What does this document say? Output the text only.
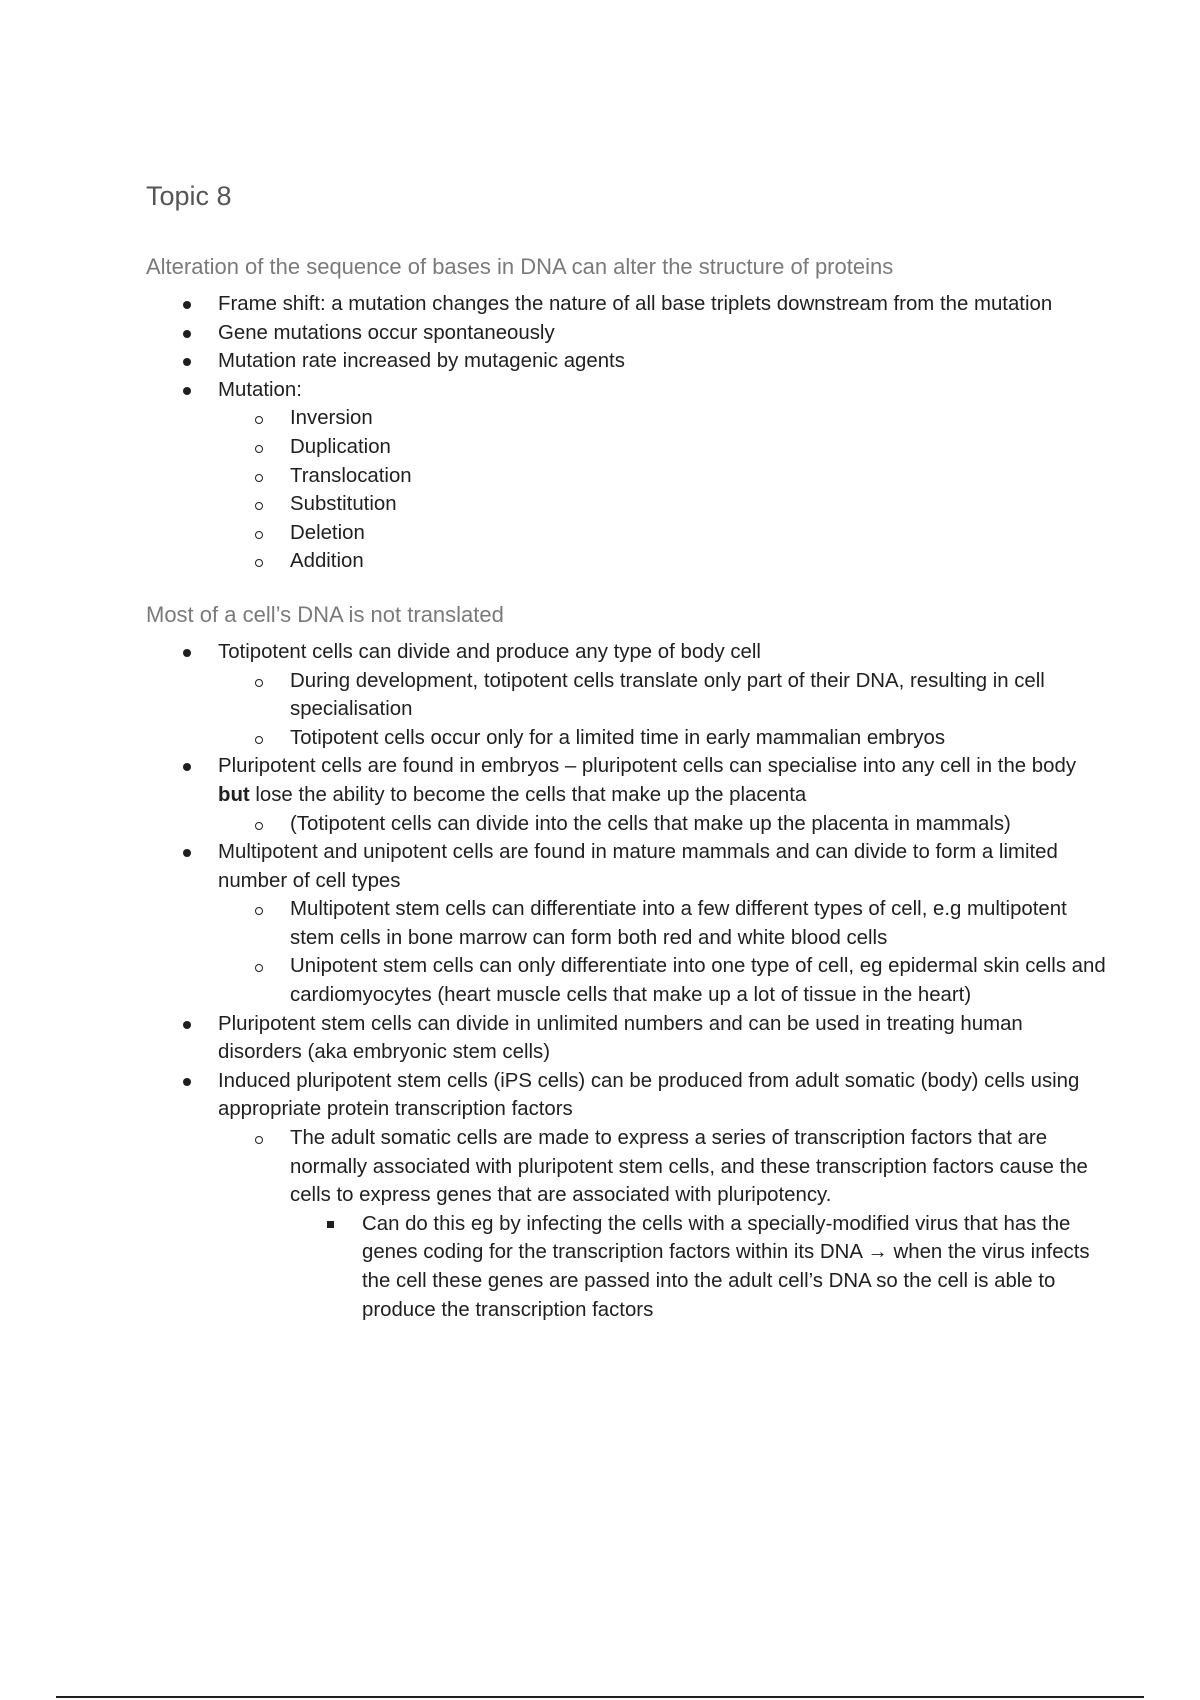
Topic 8
Alteration of the sequence of bases in DNA can alter the structure of proteins
Frame shift: a mutation changes the nature of all base triplets downstream from the mutation
Gene mutations occur spontaneously
Mutation rate increased by mutagenic agents
Mutation:
Inversion
Duplication
Translocation
Substitution
Deletion
Addition
Most of a cell’s DNA is not translated
Totipotent cells can divide and produce any type of body cell
During development, totipotent cells translate only part of their DNA, resulting in cell specialisation
Totipotent cells occur only for a limited time in early mammalian embryos
Pluripotent cells are found in embryos – pluripotent cells can specialise into any cell in the body but lose the ability to become the cells that make up the placenta
(Totipotent cells can divide into the cells that make up the placenta in mammals)
Multipotent and unipotent cells are found in mature mammals and can divide to form a limited number of cell types
Multipotent stem cells can differentiate into a few different types of cell, e.g multipotent stem cells in bone marrow can form both red and white blood cells
Unipotent stem cells can only differentiate into one type of cell, eg epidermal skin cells and cardiomyocytes (heart muscle cells that make up a lot of tissue in the heart)
Pluripotent stem cells can divide in unlimited numbers and can be used in treating human disorders (aka embryonic stem cells)
Induced pluripotent stem cells (iPS cells) can be produced from adult somatic (body) cells using appropriate protein transcription factors
The adult somatic cells are made to express a series of transcription factors that are normally associated with pluripotent stem cells, and these transcription factors cause the cells to express genes that are associated with pluripotency.
Can do this eg by infecting the cells with a specially-modified virus that has the genes coding for the transcription factors within its DNA → when the virus infects the cell these genes are passed into the adult cell’s DNA so the cell is able to produce the transcription factors
